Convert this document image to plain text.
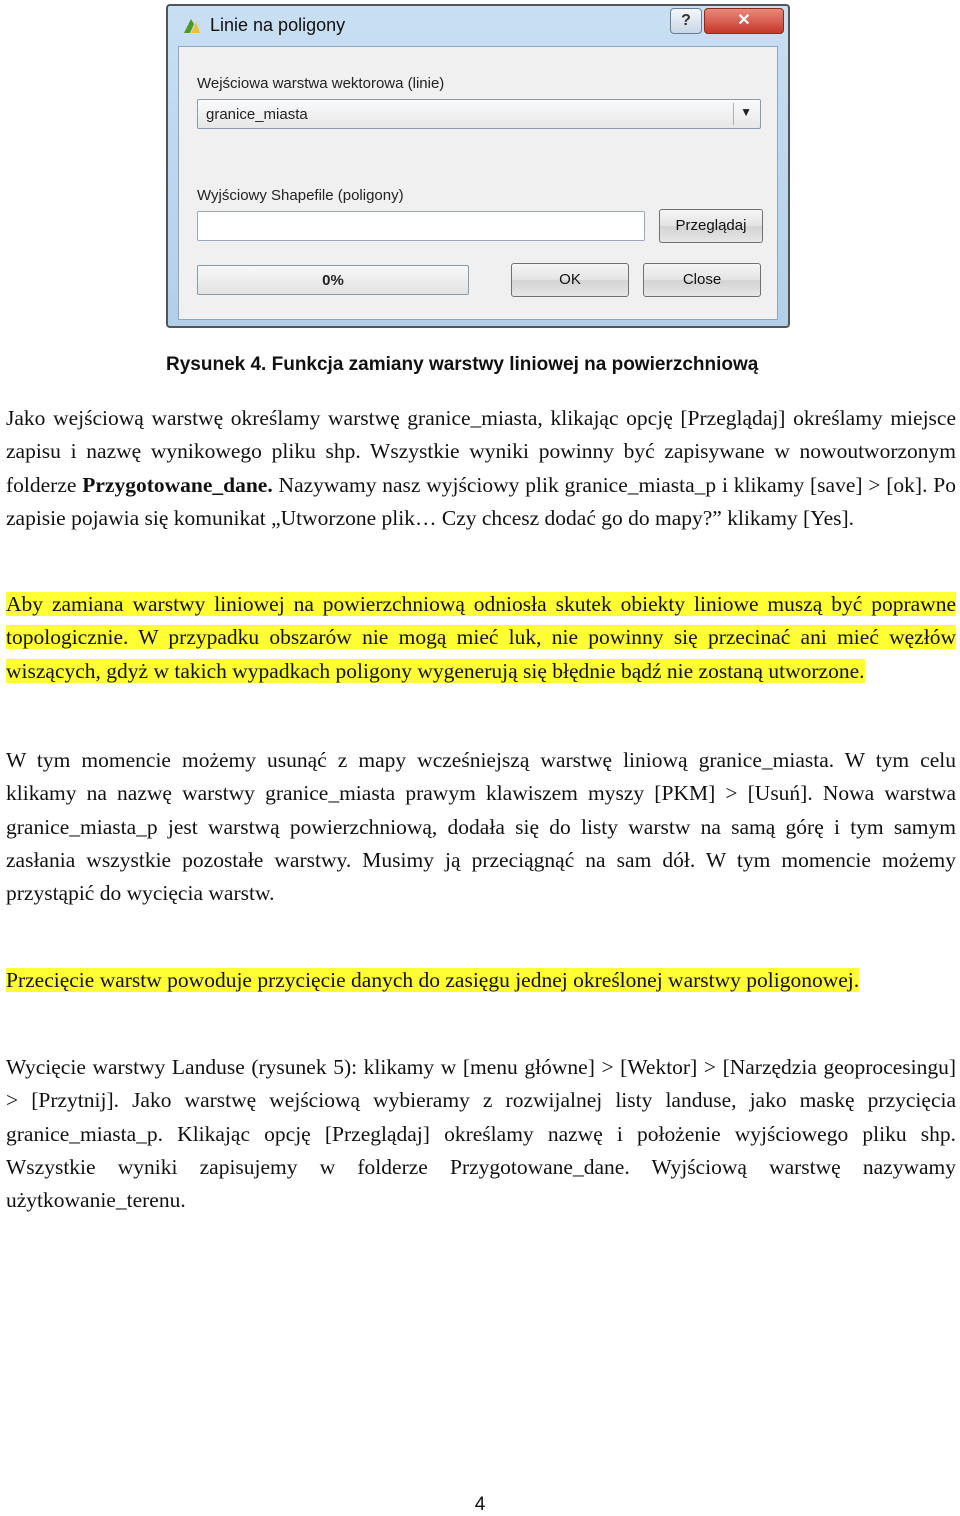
Linie na poligony	?	✕
Wejściowa warstwa wektorowa (linie)
granice_miasta	▼
Wyjściowy Shapefile (poligony)
Przeglądaj
0%	OK	Close
Rysunek 4. Funkcja zamiany warstwy liniowej na powierzchniową

Jako wejściową warstwę określamy warstwę granice_miasta, klikając opcję [Przeglądaj] określamy miejsce zapisu i nazwę wynikowego pliku shp. Wszystkie wyniki powinny być zapisywane w nowoutworzonym folderze Przygotowane_dane. Nazywamy nasz wyjściowy plik granice_miasta_p i klikamy [save] > [ok]. Po zapisie pojawia się komunikat „Utworzone plik… Czy chcesz dodać go do mapy?” klikamy [Yes].

Aby zamiana warstwy liniowej na powierzchniową odniosła skutek obiekty liniowe muszą być poprawne topologicznie. W przypadku obszarów nie mogą mieć luk, nie powinny się przecinać ani mieć węzłów wiszących, gdyż w takich wypadkach poligony wygenerują się błędnie bądź nie zostaną utworzone.

W tym momencie możemy usunąć z mapy wcześniejszą warstwę liniową granice_miasta. W tym celu klikamy na nazwę warstwy granice_miasta prawym klawiszem myszy [PKM] > [Usuń]. Nowa warstwa granice_miasta_p jest warstwą powierzchniową, dodała się do listy warstw na samą górę i tym samym zasłania wszystkie pozostałe warstwy. Musimy ją przeciągnąć na sam dół. W tym momencie możemy przystąpić do wycięcia warstw.

Przecięcie warstw powoduje przycięcie danych do zasięgu jednej określonej warstwy poligonowej.

Wycięcie warstwy Landuse (rysunek 5): klikamy w [menu główne] > [Wektor] > [Narzędzia geoprocesingu] > [Przytnij]. Jako warstwę wejściową wybieramy z rozwijalnej listy landuse, jako maskę przycięcia granice_miasta_p. Klikając opcję [Przeglądaj] określamy nazwę i położenie wyjściowego pliku shp. Wszystkie wyniki zapisujemy w folderze Przygotowane_dane. Wyjściową warstwę nazywamy użytkowanie_terenu.

4
